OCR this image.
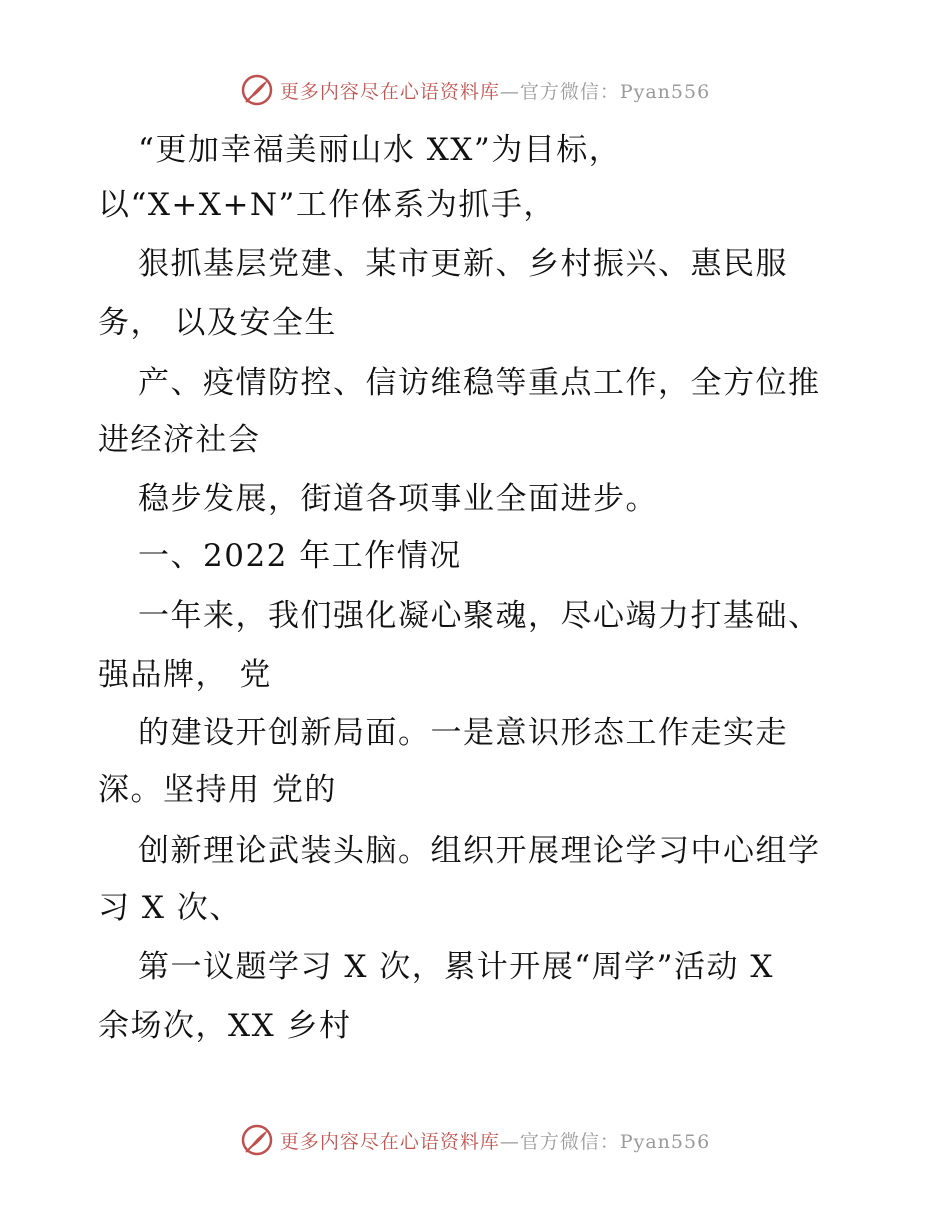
更多内容尽在心语资料库—官方微信：Pyan556
“更加幸福美丽山水 XX”为目标，
以“X+X+N”工作体系为抓手，
狠抓基层党建、某市更新、乡村振兴、惠民服
务， 以及安全生
产、疫情防控、信访维稳等重点工作，全方位推
进经济社会
稳步发展，街道各项事业全面进步。
一、2022 年工作情况
一年来，我们强化凝心聚魂，尽心竭力打基础、
强品牌， 党
的建设开创新局面。一是意识形态工作走实走
深。坚持用 党的
创新理论武装头脑。组织开展理论学习中心组学
习 X 次、
第一议题学习 X 次，累计开展“周学”活动 X
余场次，XX 乡村
更多内容尽在心语资料库—官方微信：Pyan556
